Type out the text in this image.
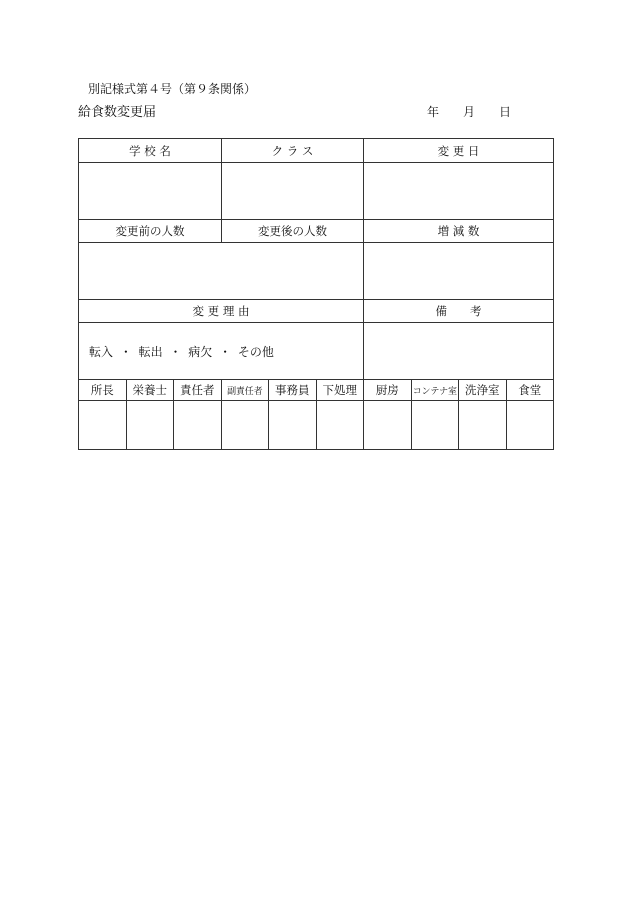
別記様式第４号（第９条関係）
給食数変更届	年 月 日
学 校 名	ク ラ ス	変 更 日

変更前の人数	変更後の人数	増 減 数

変 更 理 由		備　　考
転入 ・ 転出 ・ 病欠 ・ その他		
所長	栄養士	責任者	副責任者	事務員	下処理	厨房	コンテナ室	洗浄室	食堂
